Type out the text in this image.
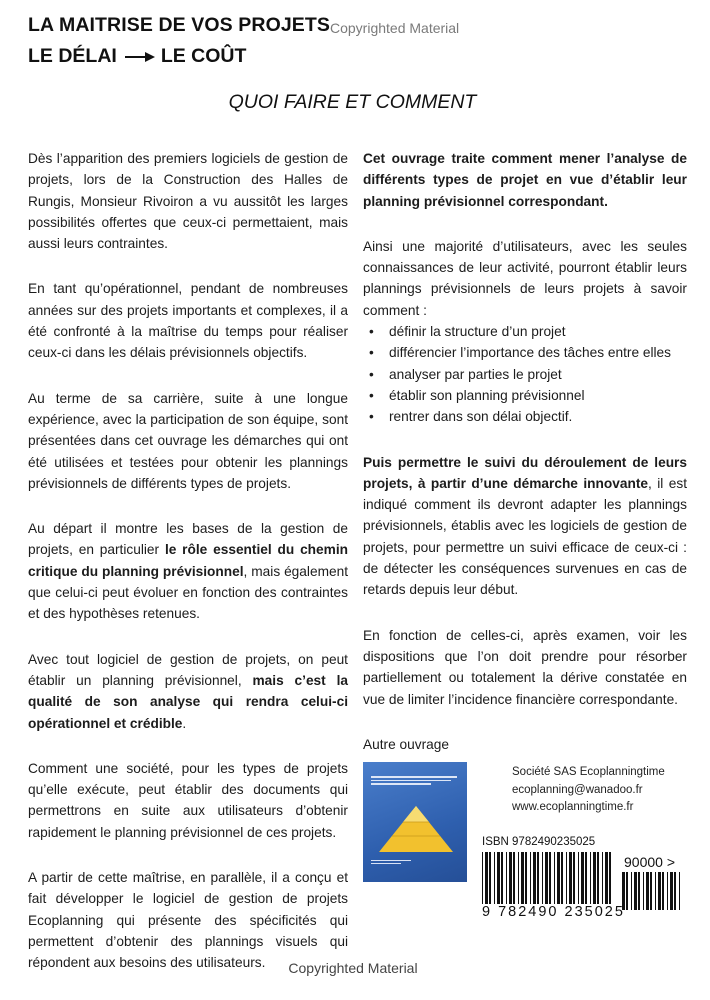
LA MAITRISE DE VOS PROJETS Copyrighted Material
LE DÉLAI LE COÛT
QUOI FAIRE ET COMMENT

Dès l’apparition des premiers logiciels de gestion de projets, lors de la Construction des Halles de Rungis, Monsieur Rivoiron a vu aussitôt les larges possibilités offertes que ceux-ci permettaient, mais aussi leurs contraintes.

En tant qu’opérationnel, pendant de nombreuses années sur des projets importants et complexes, il a été confronté à la maîtrise du temps pour réaliser ceux-ci dans les délais prévisionnels objectifs.

Au terme de sa carrière, suite à une longue expérience, avec la participation de son équipe, sont présentées dans cet ouvrage les démarches qui ont été utilisées et testées pour obtenir les plannings prévisionnels de différents types de projets.

Au départ il montre les bases de la gestion de projets, en particulier le rôle essentiel du chemin critique du planning prévisionnel, mais également que celui-ci peut évoluer en fonction des contraintes et des hypothèses retenues.

Avec tout logiciel de gestion de projets, on peut établir un planning prévisionnel, mais c’est la qualité de son analyse qui rendra celui-ci opérationnel et crédible.

Comment une société, pour les types de projets qu’elle exécute, peut établir des documents qui permettrons en suite aux utilisateurs d’obtenir rapidement le planning prévisionnel de ces projets.

A partir de cette maîtrise, en parallèle, il a conçu et fait développer le logiciel de gestion de projets Ecoplanning qui présente des spécificités qui permettent d’obtenir des plannings visuels qui répondent aux besoins des utilisateurs.

Cet ouvrage traite comment mener l’analyse de différents types de projet en vue d’établir leur planning prévisionnel correspondant.

Ainsi une majorité d’utilisateurs, avec les seules connaissances de leur activité, pourront établir leurs plannings prévisionnels de leurs projets à savoir comment :

• définir la structure d’un projet
• différencier l’importance des tâches entre elles
• analyser par parties le projet
• établir son planning prévisionnel
• rentrer dans son délai objectif.

Puis permettre le suivi du déroulement de leurs projets, à partir d’une démarche innovante, il est indiqué comment ils devront adapter les plannings prévisionnels, établis avec les logiciels de gestion de projets, pour permettre un suivi efficace de ceux-ci : de détecter les conséquences survenues en cas de retards depuis leur début.

En fonction de celles-ci, après examen, voir les dispositions que l’on doit prendre pour résorber partiellement ou totalement la dérive constatée en vue de limiter l’incidence financière correspondante.

Autre ouvrage

Société SAS Ecoplanningtime
ecoplanning@wanadoo.fr
www.ecoplanningtime.fr
ISBN 9782490235025
90000 >
9 782490 235025
Copyrighted Material
